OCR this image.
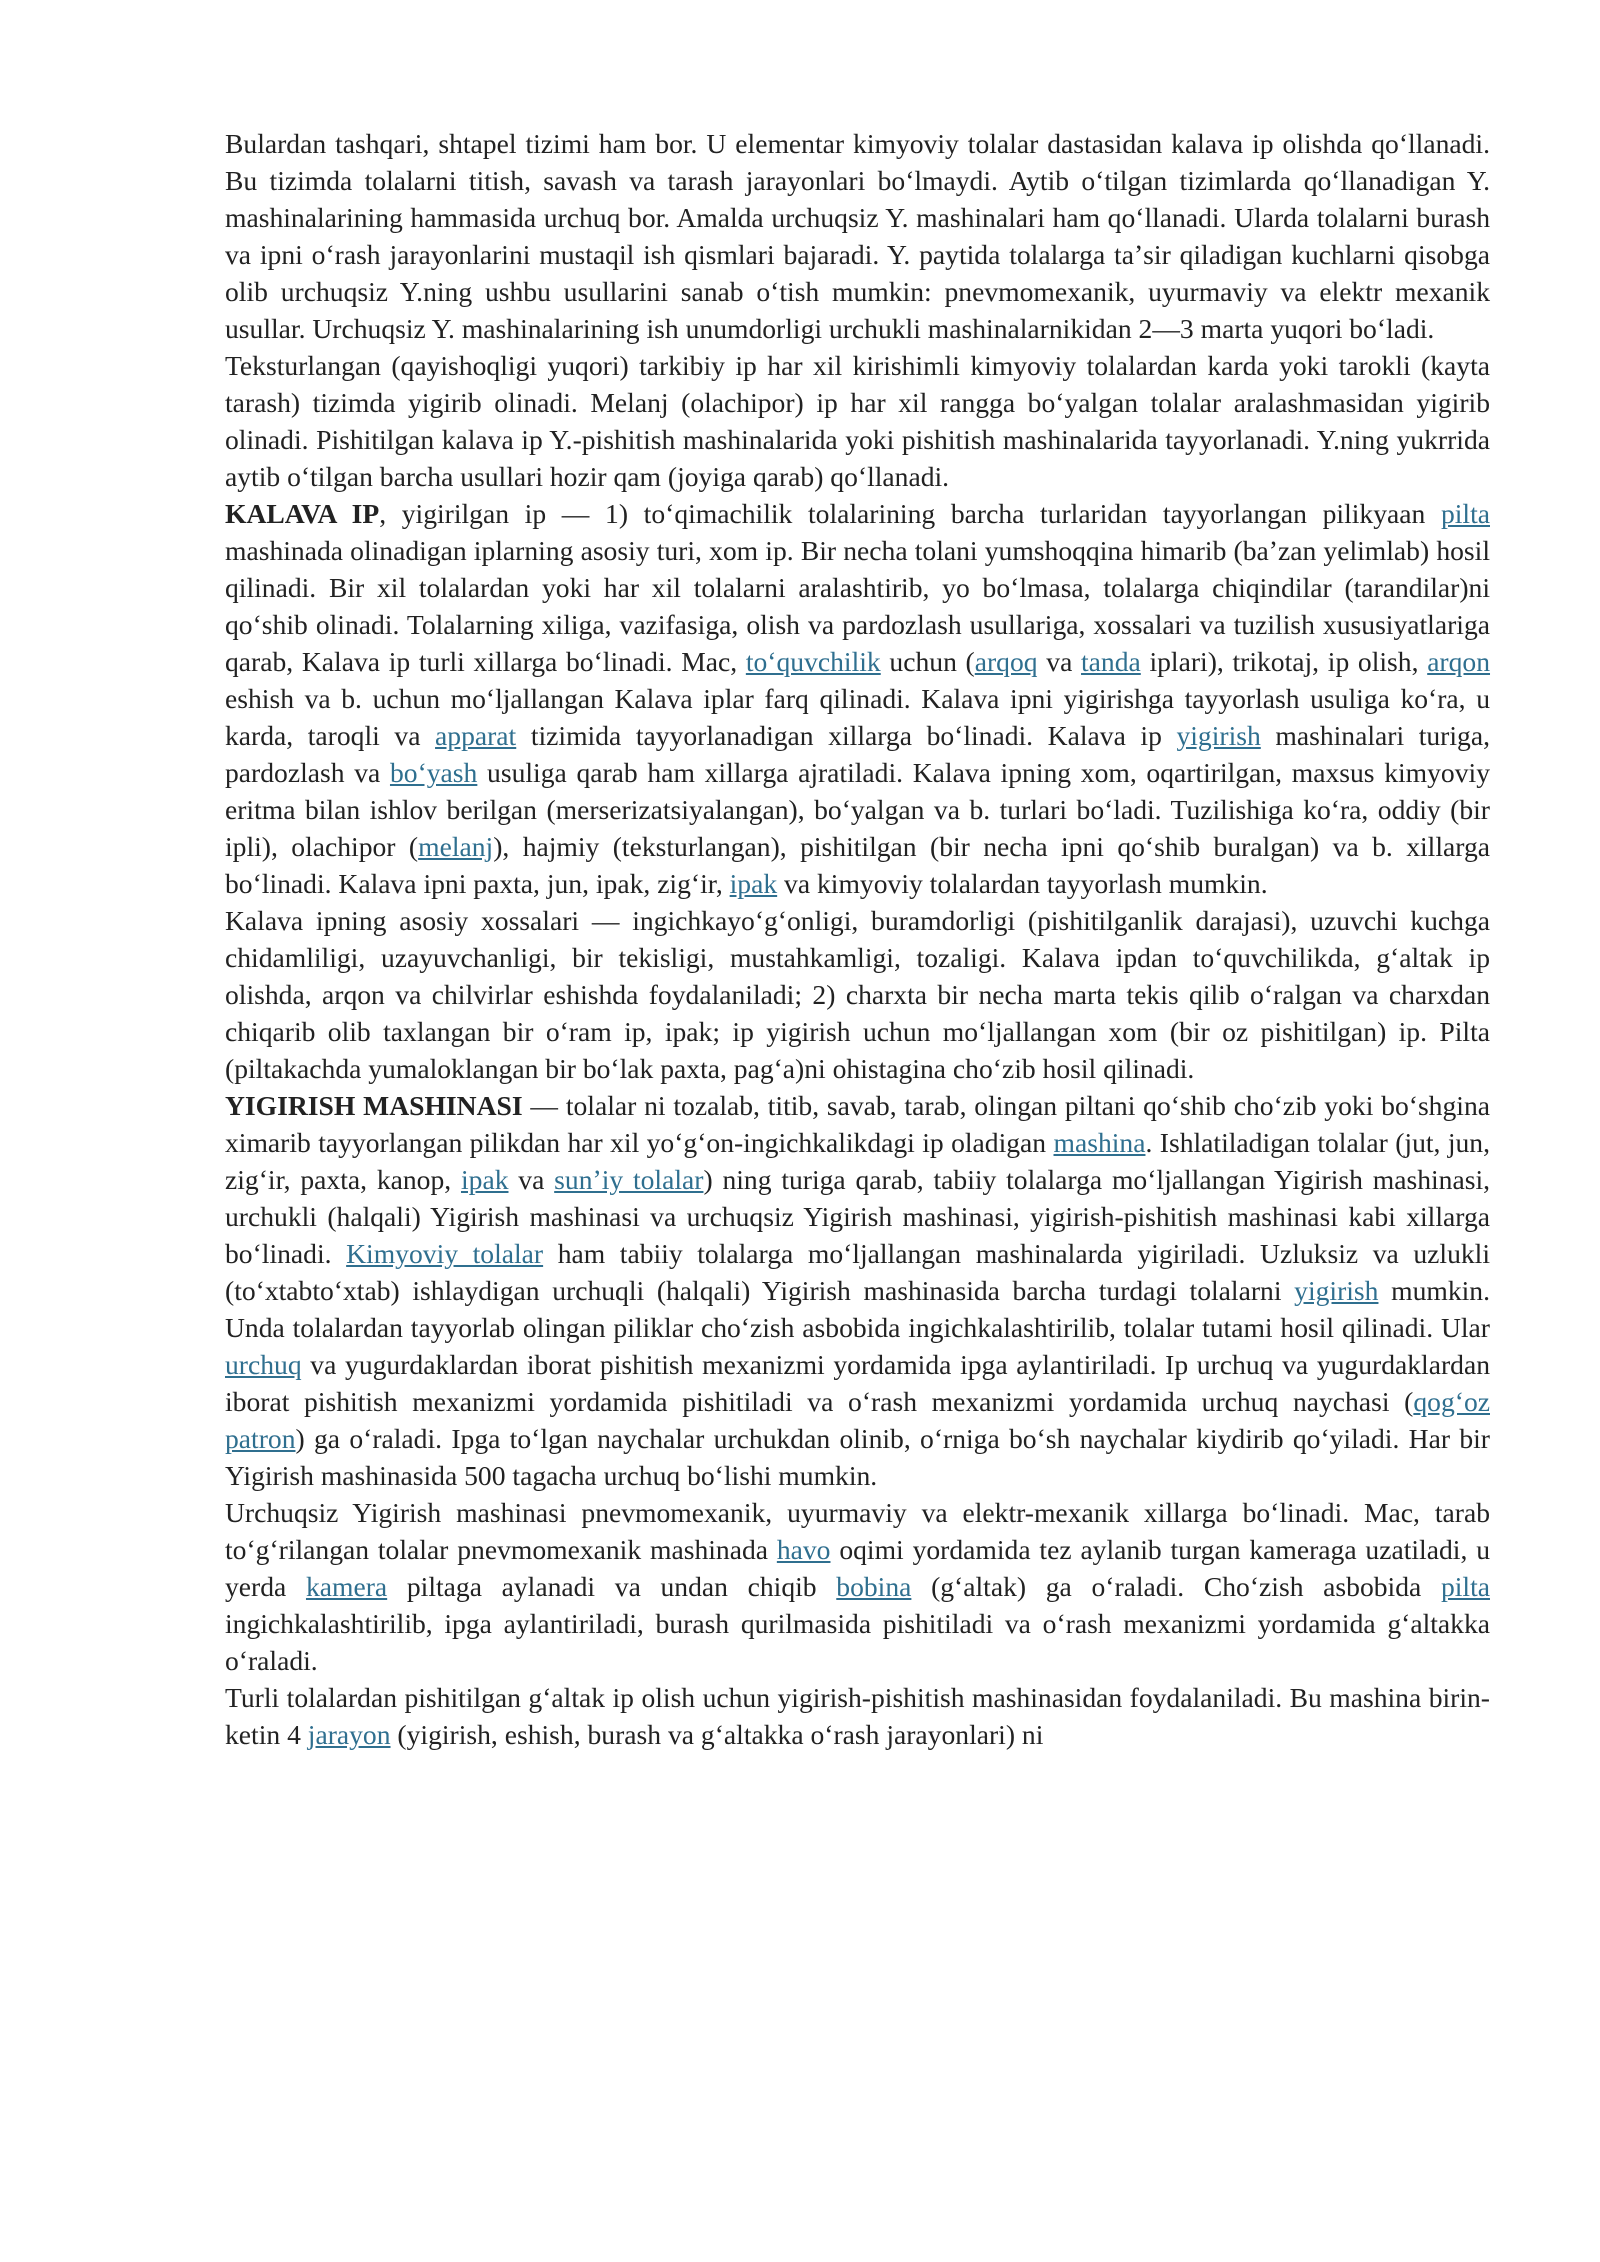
Bulardan tashqari, shtapel tizimi ham bor. U elementar kimyoviy tolalar dastasidan kalava ip olishda qoʻllanadi. Bu tizimda tolalarni titish, savash va tarash jarayonlari boʻlmaydi. Aytib oʻtilgan tizimlarda qoʻllanadigan Y. mashinalarining hammasida urchuq bor. Amalda urchuqsiz Y. mashinalari ham qoʻllanadi. Ularda tolalarni burash va ipni oʻrash jarayonlarini mustaqil ish qismlari bajaradi. Y. paytida tolalarga taʼsir qiladigan kuchlarni qisobga olib urchuqsiz Y.ning ushbu usullarini sanab oʻtish mumkin: pnevmomexanik, uyurmaviy va elektr mexanik usullar. Urchuqsiz Y. mashinalarining ish unumdorligi urchukli mashinalarnikidan 2—3 marta yuqori boʻladi.

Teksturlangan (qayishoqligi yuqori) tarkibiy ip har xil kirishimli kimyoviy tolalardan karda yoki tarokli (kayta tarash) tizimda yigirib olinadi. Melanj (olachipor) ip har xil rangga boʻyalgan tolalar aralashmasidan yigirib olinadi. Pishitilgan kalava ip Y.-pishitish mashinalarida yoki pishitish mashinalarida tayyorlanadi. Y.ning yukrrida aytib oʻtilgan barcha usullari hozir qam (joyiga qarab) qoʻllanadi.

KALAVA IP, yigirilgan ip — 1) toʻqimachilik tolalarining barcha turlaridan tayyorlangan pilikyaan pilta mashinada olinadigan iplarning asosiy turi, xom ip. Bir necha tolani yumshoqqina himarib (baʼzan yelimlab) hosil qilinadi. Bir xil tolalardan yoki har xil tolalarni aralashtirib, yo boʻlmasa, tolalarga chiqindilar (tarandilar)ni qoʻshib olinadi. Tolalarning xiliga, vazifasiga, olish va pardozlash usullariga, xossalari va tuzilish xususiyatlariga qarab, Kalava ip turli xillarga boʻlinadi. Mac, toʻquvchilik uchun (arqoq va tanda iplari), trikotaj, ip olish, arqon eshish va b. uchun moʻljallangan Kalava iplar farq qilinadi. Kalava ipni yigirishga tayyorlash usuliga koʻra, u karda, taroqli va apparat tizimida tayyorlanadigan xillarga boʻlinadi. Kalava ip yigirish mashinalari turiga, pardozlash va boʻyash usuliga qarab ham xillarga ajratiladi. Kalava ipning xom, oqartirilgan, maxsus kimyoviy eritma bilan ishlov berilgan (merserizatsiyalangan), boʻyalgan va b. turlari boʻladi. Tuzilishiga koʻra, oddiy (bir ipli), olachipor (melanj), hajmiy (teksturlangan), pishitilgan (bir necha ipni qoʻshib buralgan) va b. xillarga boʻlinadi. Kalava ipni paxta, jun, ipak, zigʻir, ipak va kimyoviy tolalardan tayyorlash mumkin.

Kalava ipning asosiy xossalari — ingichkayoʻgʻonligi, buramdorligi (pishitilganlik darajasi), uzuvchi kuchga chidamliligi, uzayuvchanligi, bir tekisligi, mustahkamligi, tozaligi. Kalava ipdan toʻquvchilikda, gʻaltak ip olishda, arqon va chilvirlar eshishda foydalaniladi; 2) charxta bir necha marta tekis qilib oʻralgan va charxdan chiqarib olib taxlangan bir oʻram ip, ipak; ip yigirish uchun moʻljallangan xom (bir oz pishitilgan) ip. Pilta (piltakachda yumaloklangan bir boʻlak paxta, pagʻa)ni ohistagina choʻzib hosil qilinadi.

YIGIRISH MASHINASI — tolalar ni tozalab, titib, savab, tarab, olingan piltani qoʻshib choʻzib yoki boʻshgina ximarib tayyorlangan pilikdan har xil yoʻgʻon-ingichkalikdagi ip oladigan mashina. Ishlatiladigan tolalar (jut, jun, zigʻir, paxta, kanop, ipak va sunʼiy tolalar) ning turiga qarab, tabiiy tolalarga moʻljallangan Yigirish mashinasi, urchukli (halqali) Yigirish mashinasi va urchuqsiz Yigirish mashinasi, yigirish-pishitish mashinasi kabi xillarga boʻlinadi. Kimyoviy tolalar ham tabiiy tolalarga moʻljallangan mashinalarda yigiriladi. Uzluksiz va uzlukli (toʻxtabtoʻxtab) ishlaydigan urchuqli (halqali) Yigirish mashinasida barcha turdagi tolalarni yigirish mumkin. Unda tolalardan tayyorlab olingan piliklar choʻzish asbobida ingichkalashtirilib, tolalar tutami hosil qilinadi. Ular urchuq va yugurdaklardan iborat pishitish mexanizmi yordamida ipga aylantiriladi. Ip urchuq va yugurdaklardan iborat pishitish mexanizmi yordamida pishitiladi va oʻrash mexanizmi yordamida urchuq naychasi (qogʻoz patron) ga oʻraladi. Ipga toʻlgan naychalar urchukdan olinib, oʻrniga boʻsh naychalar kiydirib qoʻyiladi. Har bir Yigirish mashinasida 500 tagacha urchuq boʻlishi mumkin.

Urchuqsiz Yigirish mashinasi pnevmomexanik, uyurmaviy va elektr-mexanik xillarga boʻlinadi. Mac, tarab toʻgʻrilangan tolalar pnevmomexanik mashinada havo oqimi yordamida tez aylanib turgan kameraga uzatiladi, u yerda kamera piltaga aylanadi va undan chiqib bobina (gʻaltak) ga oʻraladi. Choʻzish asbobida pilta ingichkalashtirilib, ipga aylantiriladi, burash qurilmasida pishitiladi va oʻrash mexanizmi yordamida gʻaltakka oʻraladi.

Turli tolalardan pishitilgan gʻaltak ip olish uchun yigirish-pishitish mashinasidan foydalaniladi. Bu mashina birin-ketin 4 jarayon (yigirish, eshish, burash va gʻaltakka oʻrash jarayonlari) ni
